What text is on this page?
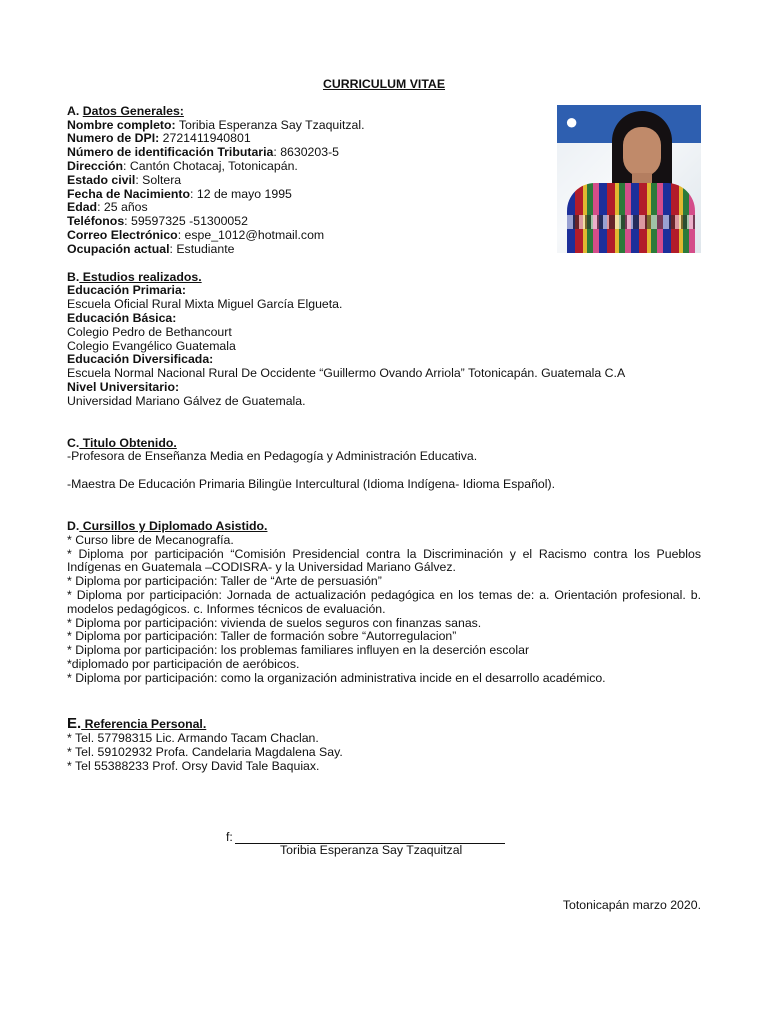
●
CURRICULUM VITAE
A. Datos Generales:
Nombre completo: Toribia Esperanza Say Tzaquitzal.
Numero de DPI: 2721411940801
Número de identificación Tributaria: 8630203-5
Dirección: Cantón Chotacaj, Totonicapán.
Estado civil: Soltera
Fecha de Nacimiento: 12 de mayo 1995
Edad: 25 años
Teléfonos: 59597325 -51300052
Correo Electrónico: espe_1012@hotmail.com
Ocupación actual: Estudiante
B. Estudios realizados.
Educación Primaria:
Escuela Oficial Rural Mixta Miguel García Elgueta.
Educación Básica:
Colegio Pedro de Bethancourt
Colegio Evangélico Guatemala
Educación Diversificada:
Escuela Normal Nacional Rural De Occidente “Guillermo Ovando Arriola” Totonicapán. Guatemala C.A
Nivel Universitario:
Universidad Mariano Gálvez de Guatemala.
C. Titulo Obtenido.
-Profesora de Enseñanza Media en Pedagogía y Administración Educativa.
-Maestra De Educación Primaria Bilingüe Intercultural (Idioma Indígena- Idioma Español).
D. Cursillos y Diplomado Asistido.
* Curso libre de Mecanografía.
* Diploma por participación “Comisión Presidencial contra la Discriminación y el Racismo contra los Pueblos Indígenas en Guatemala –CODISRA- y la Universidad Mariano Gálvez.
* Diploma por participación: Taller de “Arte de persuasión”
* Diploma por participación: Jornada de actualización pedagógica en los temas de: a. Orientación profesional. b. modelos pedagógicos. c. Informes técnicos de evaluación.
* Diploma por participación: vivienda de suelos seguros con finanzas sanas.
* Diploma por participación: Taller de formación sobre “Autorregulacion”
* Diploma por participación: los problemas familiares influyen en la deserción escolar
*diplomado por participación de aeróbicos.
* Diploma por participación: como la organización administrativa incide en el desarrollo académico.
E. Referencia Personal.
* Tel. 57798315 Lic. Armando Tacam Chaclan.
* Tel. 59102932 Profa. Candelaria Magdalena Say.
* Tel 55388233 Prof. Orsy David Tale Baquiax.
f:
Toribia Esperanza Say Tzaquitzal
Totonicapán marzo 2020.
